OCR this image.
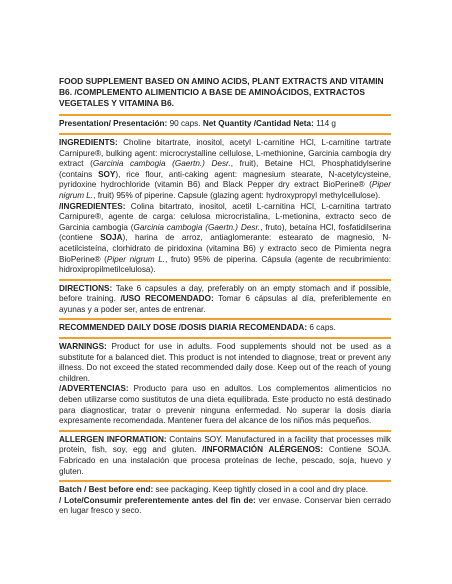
FOOD SUPPLEMENT BASED ON AMINO ACIDS, PLANT EXTRACTS AND VITAMIN B6. /COMPLEMENTO ALIMENTICIO A BASE DE AMINOÁCIDOS, EXTRACTOS VEGETALES Y VITAMINA B6.
Presentation/ Presentación: 90 caps. Net Quantity /Cantidad Neta: 114 g
INGREDIENTS: Choline bitartrate, inositol, acetyl L-carnitine HCl, L-carnitine tartrate Carnipure®, bulking agent: microcrystalline cellulose, L-methionine, Garcinia cambogia dry extract (Garcinia cambogia (Gaertn.) Desr., fruit), Betaine HCl, Phosphatidylserine (contains SOY), rice flour, anti-caking agent: magnesium stearate, N-acetylcysteine, pyridoxine hydrochloride (vitamin B6) and Black Pepper dry extract BioPerine® (Piper nigrum L., fruit) 95% of piperine. Capsule (glazing agent: hydroxypropyl methylcellulose).
/INGREDIENTES: Colina bitartrato, inositol, acetil L-carnitina HCl, L-carnitina tartrato Carnipure®, agente de carga: celulosa microcristalina, L-metionina, extracto seco de Garcinia cambogia (Garcinia cambogia (Gaertn.) Desr., fruto), betaína HCl, fosfatidilserina (contiene SOJA), harina de arroz, antiaglomerante: estearato de magnesio, N-acetilcisteína, clorhidrato de piridoxina (vitamina B6) y extracto seco de Pimienta negra BioPerine® (Piper nigrum L., fruto) 95% de piperina. Cápsula (agente de recubrimiento: hidroxipropilmetilcelulosa).
DIRECTIONS: Take 6 capsules a day, preferably on an empty stomach and if possible, before training. /USO RECOMENDADO: Tomar 6 cápsulas al día, preferiblemente en ayunas y a poder ser, antes de entrenar.
RECOMMENDED DAILY DOSE /DOSIS DIARIA RECOMENDADA: 6 caps.
WARNINGS: Product for use in adults. Food supplements should not be used as a substitute for a balanced diet. This product is not intended to diagnose, treat or prevent any illness. Do not exceed the stated recommended daily dose. Keep out of the reach of young children.
/ADVERTENCIAS: Producto para uso en adultos. Los complementos alimenticios no deben utilizarse como sustitutos de una dieta equilibrada. Este producto no está destinado para diagnosticar, tratar o prevenir ninguna enfermedad. No superar la dosis diaria expresamente recomendada. Mantener fuera del alcance de los niños más pequeños.
ALLERGEN INFORMATION: Contains SOY. Manufactured in a facility that processes milk protein, fish, soy, egg and gluten. /INFORMACIÓN ALÉRGENOS: Contiene SOJA. Fabricado en una instalación que procesa proteínas de leche, pescado, soja, huevo y gluten.
Batch / Best before end: see packaging. Keep tightly closed in a cool and dry place.
/ Lote/Consumir preferentemente antes del fin de: ver envase. Conservar bien cerrado en lugar fresco y seco.
